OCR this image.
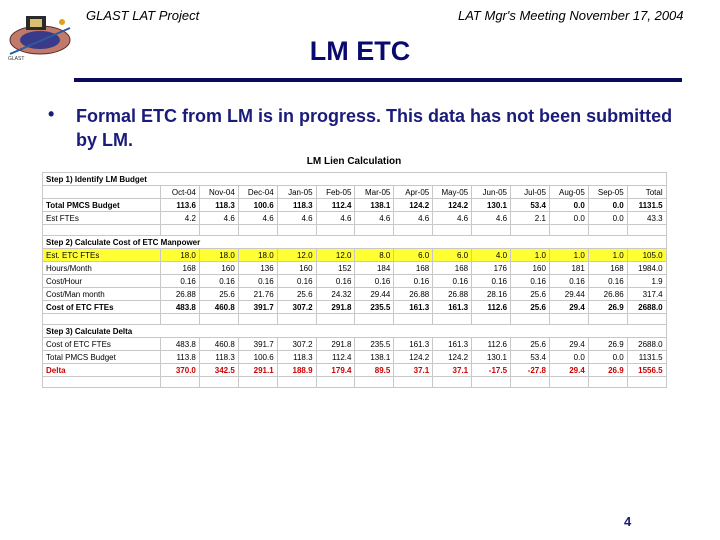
GLAST LAT Project	LAT Mgr's Meeting November 17, 2004
GLAST	LM ETC
• Formal ETC from LM is in progress. This data has not been submitted by LM.
LM Lien Calculation
Step 1) Identify LM Budget													
	Oct-04	Nov-04	Dec-04	Jan-05	Feb-05	Mar-05	Apr-05	May-05	Jun-05	Jul-05	Aug-05	Sep-05	Total
Total PMCS Budget	113.6	118.3	100.6	118.3	112.4	138.1	124.2	124.2	130.1	53.4	0.0	0.0	1131.5
Est FTEs	4.2	4.6	4.6	4.6	4.6	4.6	4.6	4.6	4.6	2.1	0.0	0.0	43.3

Step 2) Calculate Cost of ETC Manpower													
Est. ETC FTEs	18.0	18.0	18.0	12.0	12.0	8.0	6.0	6.0	4.0	1.0	1.0	1.0	105.0
Hours/Month	168	160	136	160	152	184	168	168	176	160	181	168	1984.0
Cost/Hour	0.16	0.16	0.16	0.16	0.16	0.16	0.16	0.16	0.16	0.16	0.16	0.16	1.9
Cost/Man month	26.88	25.6	21.76	25.6	24.32	29.44	26.88	26.88	28.16	25.6	29.44	26.86	317.4
Cost of ETC FTEs	483.8	460.8	391.7	307.2	291.8	235.5	161.3	161.3	112.6	25.6	29.4	26.9	2688.0

Step 3) Calculate Delta													
Cost of ETC FTEs	483.8	460.8	391.7	307.2	291.8	235.5	161.3	161.3	112.6	25.6	29.4	26.9	2688.0
Total PMCS Budget	113.8	118.3	100.6	118.3	112.4	138.1	124.2	124.2	130.1	53.4	0.0	0.0	1131.5
Delta	370.0	342.5	291.1	188.9	179.4	89.5	37.1	37.1	-17.5	-27.8	29.4	26.9	1556.5

4
